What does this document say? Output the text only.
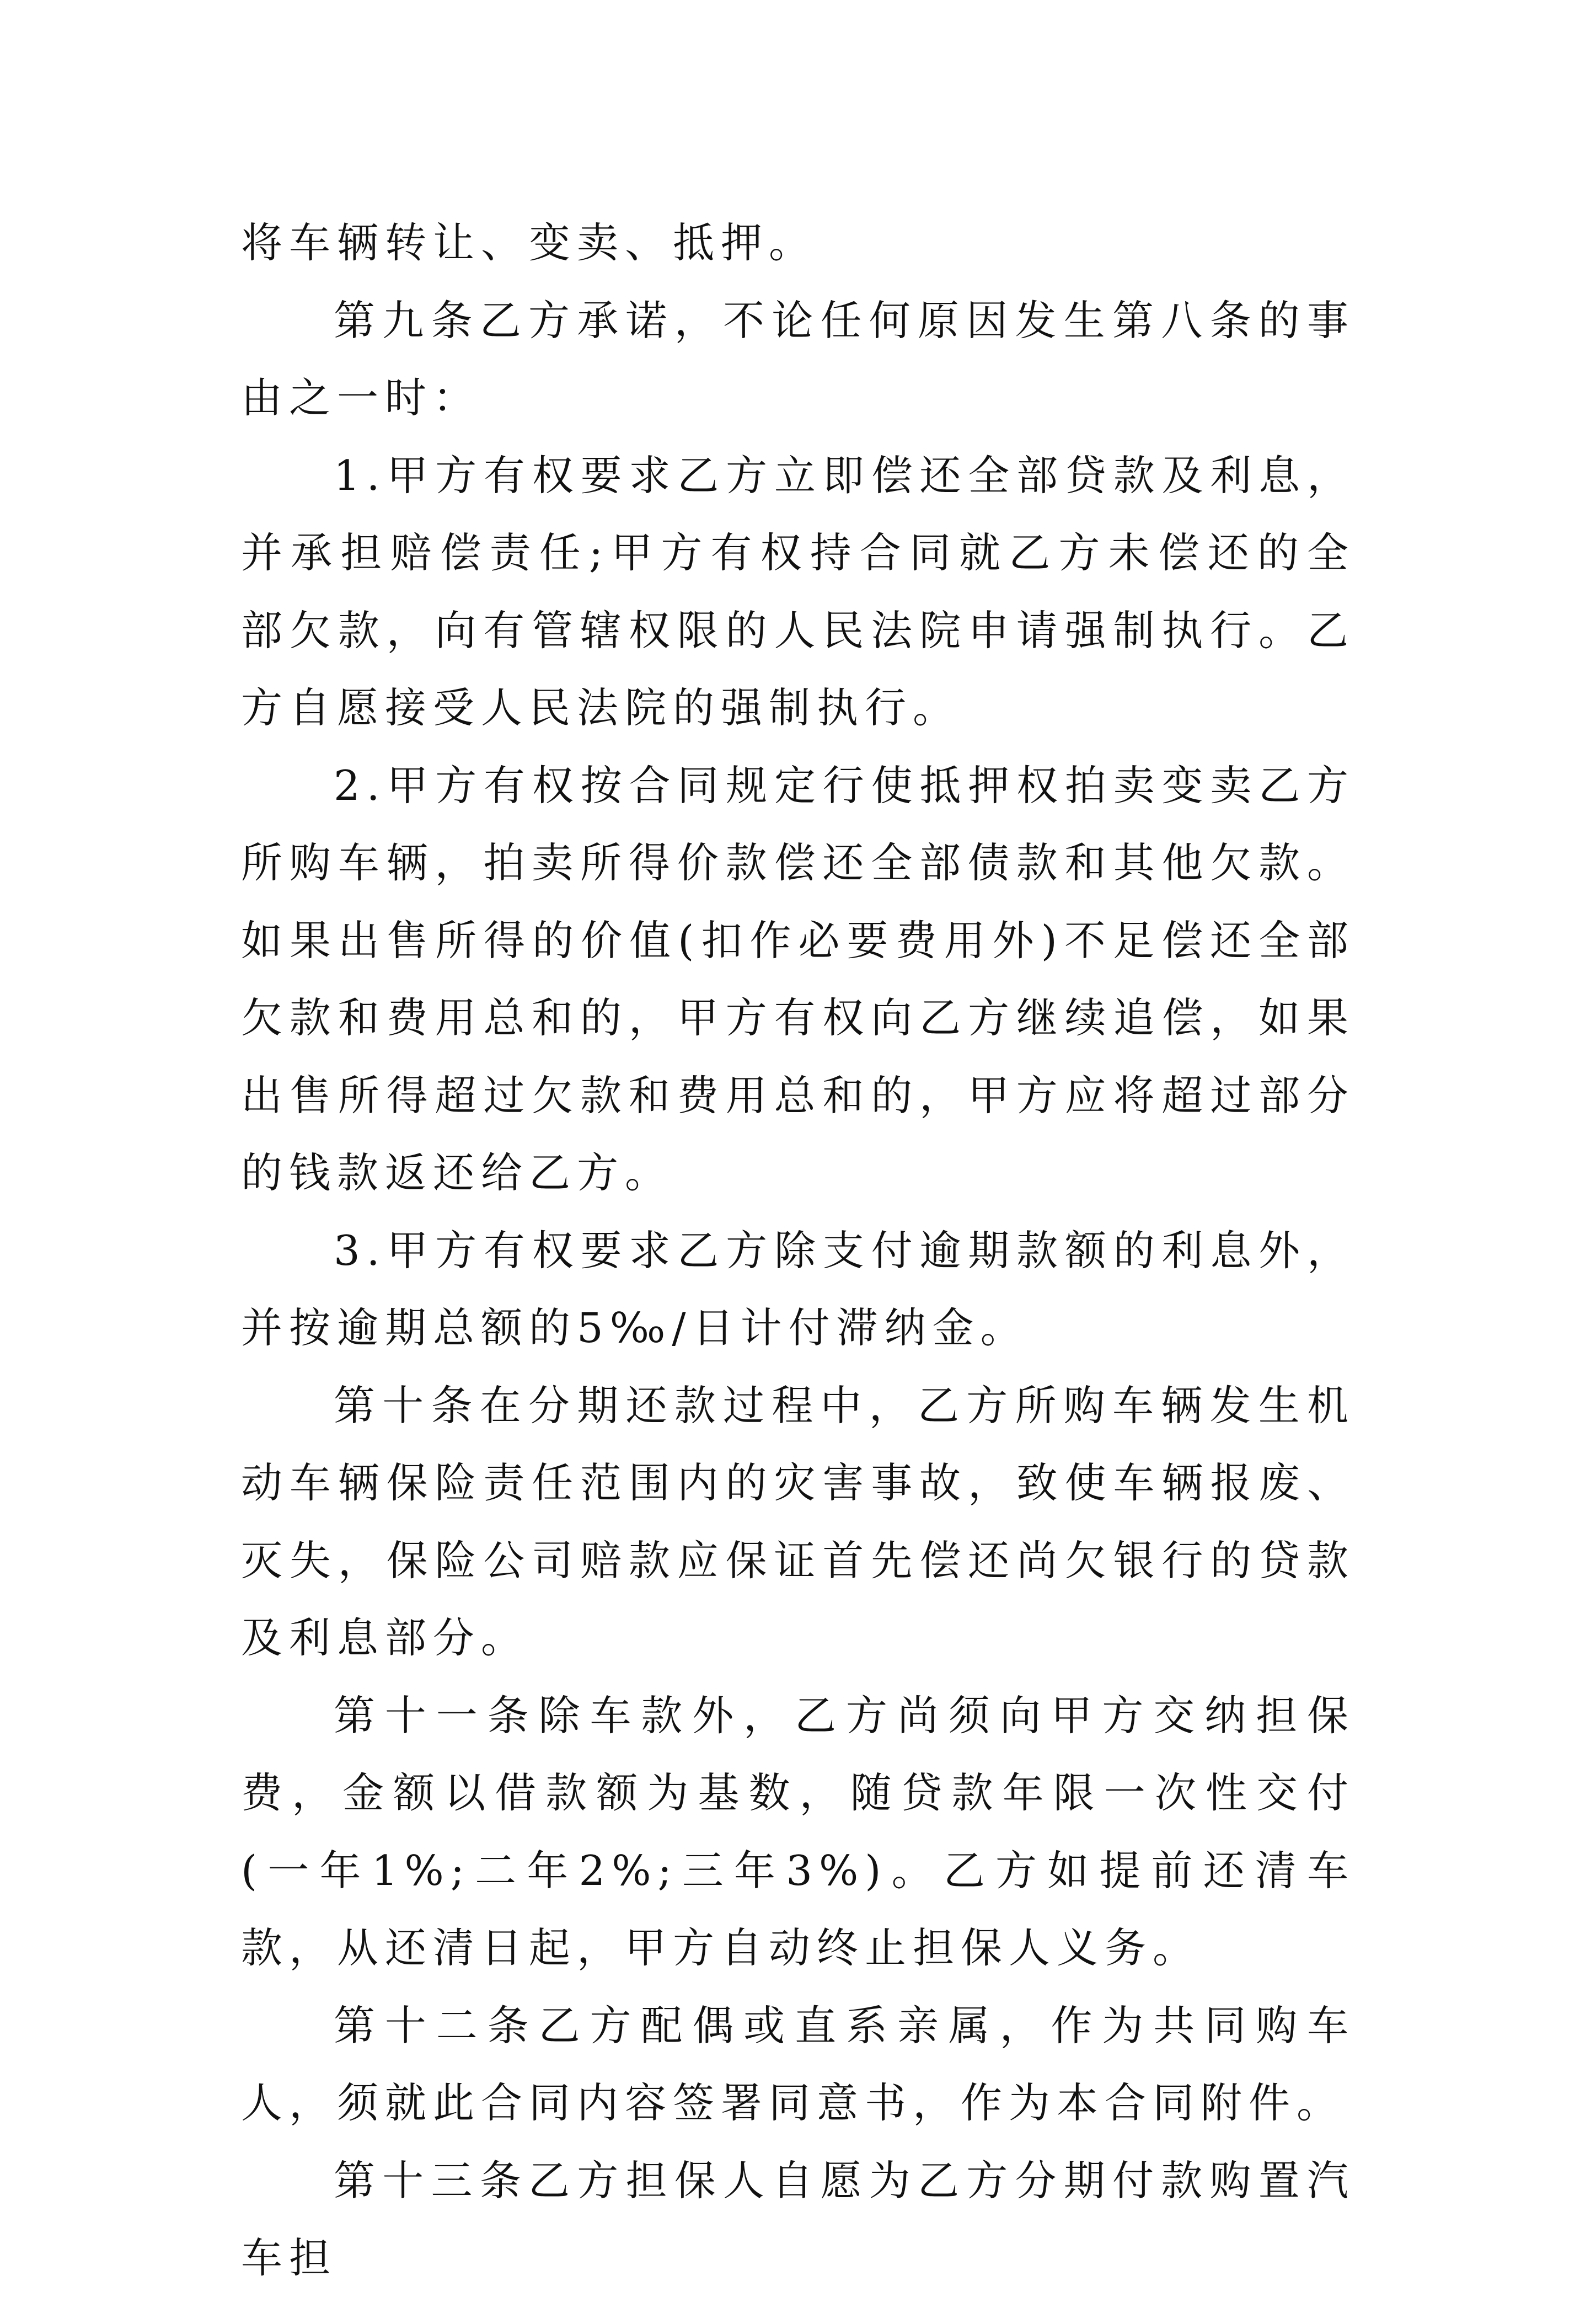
将车辆转让、变卖、抵押。

第九条乙方承诺，不论任何原因发生第八条的事由之一时：

1.甲方有权要求乙方立即偿还全部贷款及利息，并承担赔偿责任;甲方有权持合同就乙方未偿还的全部欠款，向有管辖权限的人民法院申请强制执行。乙方自愿接受人民法院的强制执行。

2.甲方有权按合同规定行使抵押权拍卖变卖乙方所购车辆，拍卖所得价款偿还全部债款和其他欠款。如果出售所得的价值(扣作必要费用外)不足偿还全部欠款和费用总和的，甲方有权向乙方继续追偿，如果出售所得超过欠款和费用总和的，甲方应将超过部分的钱款返还给乙方。

3.甲方有权要求乙方除支付逾期款额的利息外，并按逾期总额的5‰/日计付滞纳金。

第十条在分期还款过程中，乙方所购车辆发生机动车辆保险责任范围内的灾害事故，致使车辆报废、灭失，保险公司赔款应保证首先偿还尚欠银行的贷款及利息部分。

第十一条除车款外，乙方尚须向甲方交纳担保费，金额以借款额为基数，随贷款年限一次性交付(一年1%;二年2%;三年3%)。乙方如提前还清车款，从还清日起，甲方自动终止担保人义务。

第十二条乙方配偶或直系亲属，作为共同购车人，须就此合同内容签署同意书，作为本合同附件。

第十三条乙方担保人自愿为乙方分期付款购置汽车担
